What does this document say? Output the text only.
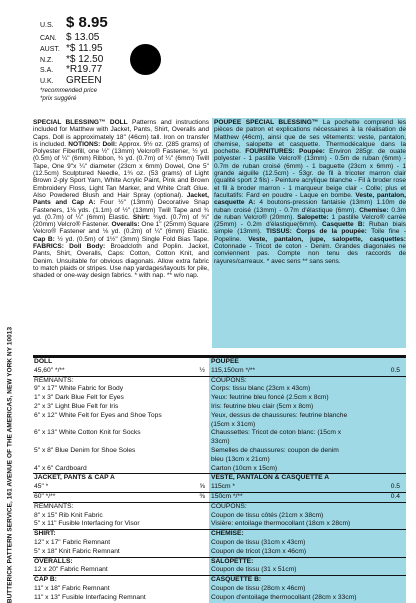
BUTTERICK PATTERN SERVICE, 161 AVENUE OF THE AMERICAS, NEW YORK NY 10013
U.S. $ 8.95
CAN. $ 13.05
AUST. *$ 11.95
N.Z.	*$ 12.50
S.A.	*R19.77
U.K.	GREEN
*recommended price
*prix suggéré

SPECIAL BLESSING™ DOLL Patterns and instructions included for Matthew with Jacket, Pants, Shirt, Overalls and Caps. Doll is approximately 18" (46cm) tall. Iron on transfer is included. NOTIONS: Doll: Approx. 9½ oz. (285 grams) of Polyester Fiberfill, one ½" (13mm) Velcro® Fastener, ½ yd. (0.5m) of ¼" (6mm) Ribbon, ¾ yd. (0.7m) of ¼" (6mm) Twill Tape, One 9"x ¼" diameter (23cm x 6mm) Dowel, One 5" (12.5cm) Sculptured Needle, 1¾ oz. (53 grams) of Light Brown 2-ply Sport Yarn, White Acrylic Paint, Pink and Brown Embroidery Floss, Light Tan Marker, and White Craft Glue. Also Powdered Blush and Hair Spray (optional). Jacket, Pants and Cap A: Four ½" (13mm) Decorative Snap Fasteners, 1⅛ yds. (1.1m) of ½" (13mm) Twill Tape and ¾ yd. (0.7m) of ¼" (6mm) Elastic. Shirt: ¾yd. (0.7m) of ¾" (20mm) Velcro® Fastener. Overalls: One 1" (25mm) Square Velcro® Fastener and ⅛ yd. (0.2m) of ¼" (6mm) Elastic. Cap B: ½ yd. (0.5m) of 1½" (3mm) Single Fold Bias Tape. FABRICS: Doll Body: Broadcloth and Poplin. Jacket, Pants, Shirt, Overalls, Caps: Cotton, Cotton Knit, and Denim. Unsuitable for obvious diagonals. Allow extra fabric to match plaids or stripes. Use nap yardages/layouts for pile, shaded or one-way design fabrics. * with nap. ** w/o nap.

POUPEE SPECIAL BLESSING™ La pochette comprend les pièces de patron et explications nécessaires à la réalisation de Matthew (46cm), ainsi que de ses vêtements: veste, pantalon, chemise, salopette et casquette. Thermodécalque dans la pochette. FOURNITURES: Poupée: Environ 285gr. de ouate polyester - 1 pastille Velcro® (13mm) - 0.5m de ruban (6mm) - 0.7m de ruban croisé (6mm) - 1 baguette (23cm x 6mm) - 1 grande aiguille (12.5cm) - 53gr. de fil à tricoter marron clair (qualité sport 2 fils) - Peinture acrylique blanche - Fil à broder rose et fil à broder marron - 1 marqueur beige clair - Colle; plus et facultatifs: Fard en poudre - Laque en bombe. Veste, pantalon, casquette A: 4 boutons-pression fantaisie (13mm) 1.10m de ruban croisé (13mm) - 0.7m d'élastique (6mm). Chemise: 0.3m de ruban Velcro® (20mm). Salopette: 1 pastille Velcro® carrée (25mm) - 0.2m d'élastique(6mm). Casquette B: Ruban biais simple (13mm). TISSUS: Corps de la poupée: Toile fine - Popeline. Veste, pantalon, jupe, salopette, casquettes: Cotonnade - Tricot de coton - Denim. Grandes diagonales ne conviennent pas. Compte non tenu des raccords de rayures/carreaux. * avec sens ** sans sens.

DOLL	POUPEE
45,60" */**	½ 115,150cm */**	0.5
REMNANTS:	COUPONS:
9" x 17" White Fabric for Body	Corps: tissu blanc (23cm x 43cm)
1" x 3" Dark Blue Felt for Eyes	Yeux: feutrine bleu foncé (2.5cm x 8cm)
2" x 3" Light Blue Felt for Iris	Iris: feutrine bleu clair (5cm x 8cm)
6" x 12" White Felt for Eyes and Shoe Tops	Yeux, dessus de chaussures: feutrine blanche
(15cm x 31cm)
6" x 13" White Cotton Knit for Socks	Chaussettes: Tricot de coton blanc: (15cm x
33cm)
5" x 8" Blue Denim for Shoe Soles	Semelles de chaussures: coupon de denim
bleu (13cm x 21cm)
4" x 6" Cardboard	Carton (10cm x 15cm)
JACKET, PANTS & CAP A	VESTE, PANTALON & CASQUETTE A
45" *	⅝ 115cm *	0.5
60" */**	⅜ 150cm */**	0.4
REMNANTS:	COUPONS:
8" x 15" Rib Knit Fabric	Coupon de tissu côtés (21cm x 38cm)
5" x 11" Fusible Interfacing for Visor	Visière: entoilage thermocollant (18cm x 28cm)
SHIRT:	CHEMISE:
12" x 17" Fabric Remnant	Coupon de tissu (31cm x 43cm)
5" x 18" Knit Fabric Remnant	Coupon de tricot (13cm x 46cm)
OVERALLS:	SALOPETTE:
12 x 20" Fabric Remnant	Coupon de tissu (31 x 51cm)
CAP B:	CASQUETTE B:
11" x 18" Fabric Remnant	Coupon de tissu (28cm x 46cm)
11" x 13" Fusible Interfacing Remnant	Coupon d'entoilage thermocollant (28cm x 33cm)
